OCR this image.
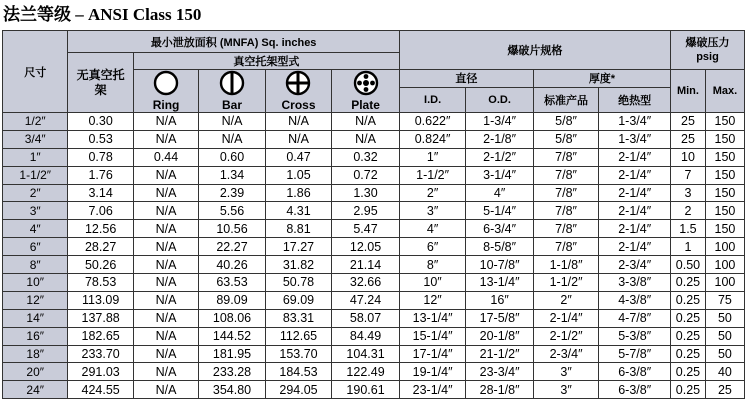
法兰等级 – ANSI Class 150
尺寸	最小泄放面积 (MNFA) Sq. inches					爆破片规格				爆破压力
psig	

	无真空托架	真空托架型式									

		Ring	Bar	Cross	Plate	直径		厚度*		Min.	Max.
						I.D.	O.D.	标准产品	绝热型		
1/2″	0.30	N/A	N/A	N/A	N/A	0.622″	1-3/4″	5/8″	1-3/4″	25	150
3/4″	0.53	N/A	N/A	N/A	N/A	0.824″	2-1/8″	5/8″	1-3/4″	25	150
1″	0.78	0.44	0.60	0.47	0.32	1″	2-1/2″	7/8″	2-1/4″	10	150
1-1/2″	1.76	N/A	1.34	1.05	0.72	1-1/2″	3-1/4″	7/8″	2-1/4″	7	150
2″	3.14	N/A	2.39	1.86	1.30	2″	4″	7/8″	2-1/4″	3	150
3″	7.06	N/A	5.56	4.31	2.95	3″	5-1/4″	7/8″	2-1/4″	2	150
4″	12.56	N/A	10.56	8.81	5.47	4″	6-3/4″	7/8″	2-1/4″	1.5	150
6″	28.27	N/A	22.27	17.27	12.05	6″	8-5/8″	7/8″	2-1/4″	1	100
8″	50.26	N/A	40.26	31.82	21.14	8″	10-7/8″	1-1/8″	2-3/4″	0.50	100
10″	78.53	N/A	63.53	50.78	32.66	10″	13-1/4″	1-1/2″	3-3/8″	0.25	100
12″	113.09	N/A	89.09	69.09	47.24	12″	16″	2″	4-3/8″	0.25	75
14″	137.88	N/A	108.06	83.31	58.07	13-1/4″	17-5/8″	2-1/4″	4-7/8″	0.25	50
16″	182.65	N/A	144.52	112.65	84.49	15-1/4″	20-1/8″	2-1/2″	5-3/8″	0.25	50
18″	233.70	N/A	181.95	153.70	104.31	17-1/4″	21-1/2″	2-3/4″	5-7/8″	0.25	50
20″	291.03	N/A	233.28	184.53	122.49	19-1/4″	23-3/4″	3″	6-3/8″	0.25	40
24″	424.55	N/A	354.80	294.05	190.61	23-1/4″	28-1/8″	3″	6-3/8″	0.25	25
